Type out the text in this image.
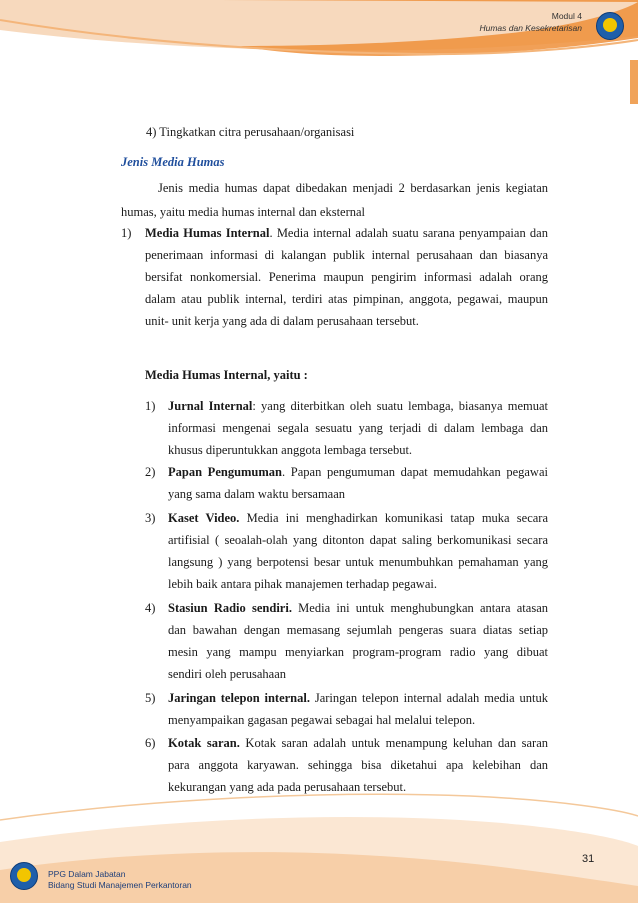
Modul 4
Humas dan Kesekretarisan
4) Tingkatkan citra perusahaan/organisasi
Jenis Media Humas
Jenis media humas dapat dibedakan menjadi 2 berdasarkan jenis kegiatan
humas, yaitu media humas internal dan eksternal
1) Media Humas Internal. Media internal adalah suatu sarana penyampaian dan
penerimaan informasi di kalangan publik internal perusahaan dan biasanya
bersifat nonkomersial. Penerima maupun pengirim informasi adalah orang
dalam atau publik internal, terdiri atas pimpinan, anggota, pegawai, maupun
unit- unit kerja yang ada di dalam perusahaan tersebut.
Media Humas Internal, yaitu :
1) Jurnal Internal: yang diterbitkan oleh suatu lembaga, biasanya memuat
informasi mengenai segala sesuatu yang terjadi di dalam lembaga dan
khusus diperuntukkan anggota lembaga tersebut.
2) Papan Pengumuman. Papan pengumuman dapat memudahkan pegawai
yang sama dalam waktu bersamaan
3) Kaset Video. Media ini menghadirkan komunikasi tatap muka secara
artifisial ( seoalah-olah yang ditonton dapat saling berkomunikasi secara
langsung ) yang berpotensi besar untuk menumbuhkan pemahaman yang
lebih baik antara pihak manajemen terhadap pegawai.
4) Stasiun Radio sendiri. Media ini untuk menghubungkan antara atasan
dan bawahan dengan memasang sejumlah pengeras suara diatas setiap
mesin yang mampu menyiarkan program-program radio yang dibuat
sendiri oleh perusahaan
5) Jaringan telepon internal. Jaringan telepon internal adalah media untuk
menyampaikan gagasan pegawai sebagai hal melalui telepon.
6) Kotak saran. Kotak saran adalah untuk menampung keluhan dan saran
para anggota karyawan. sehingga bisa diketahui apa kelebihan dan
kekurangan yang ada pada perusahaan tersebut.
31
PPG Dalam Jabatan
Bidang Studi Manajemen Perkantoran
